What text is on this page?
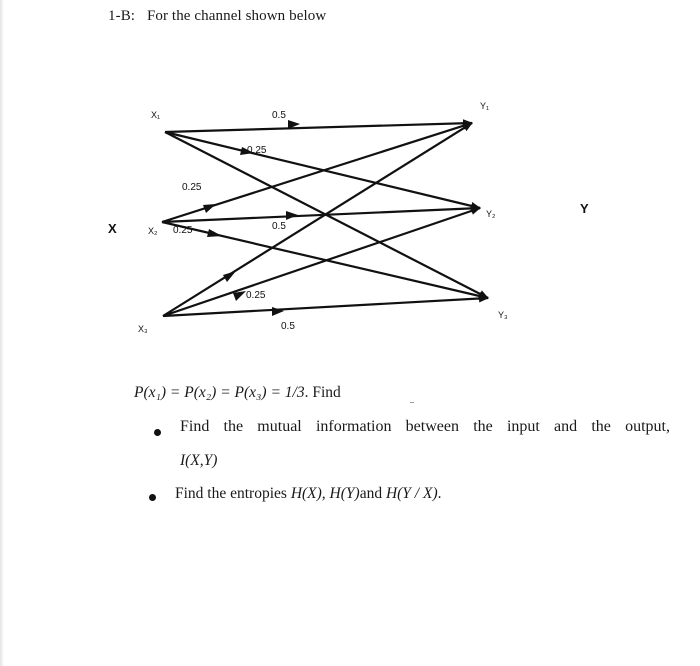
1-B: For the channel shown below
X
Y
X₁
X₂
X₃
Y₁
Y₂
Y₃
0.5
0.25
0.25
0.25	0.5
0.25
0.5
P(x₁) = P(x₂) = P(x₃) = 1/3. Find
Find the mutual information between the input and the output,
I(X,Y)
Find the entropies H(X), H(Y)and H(Y / X).
